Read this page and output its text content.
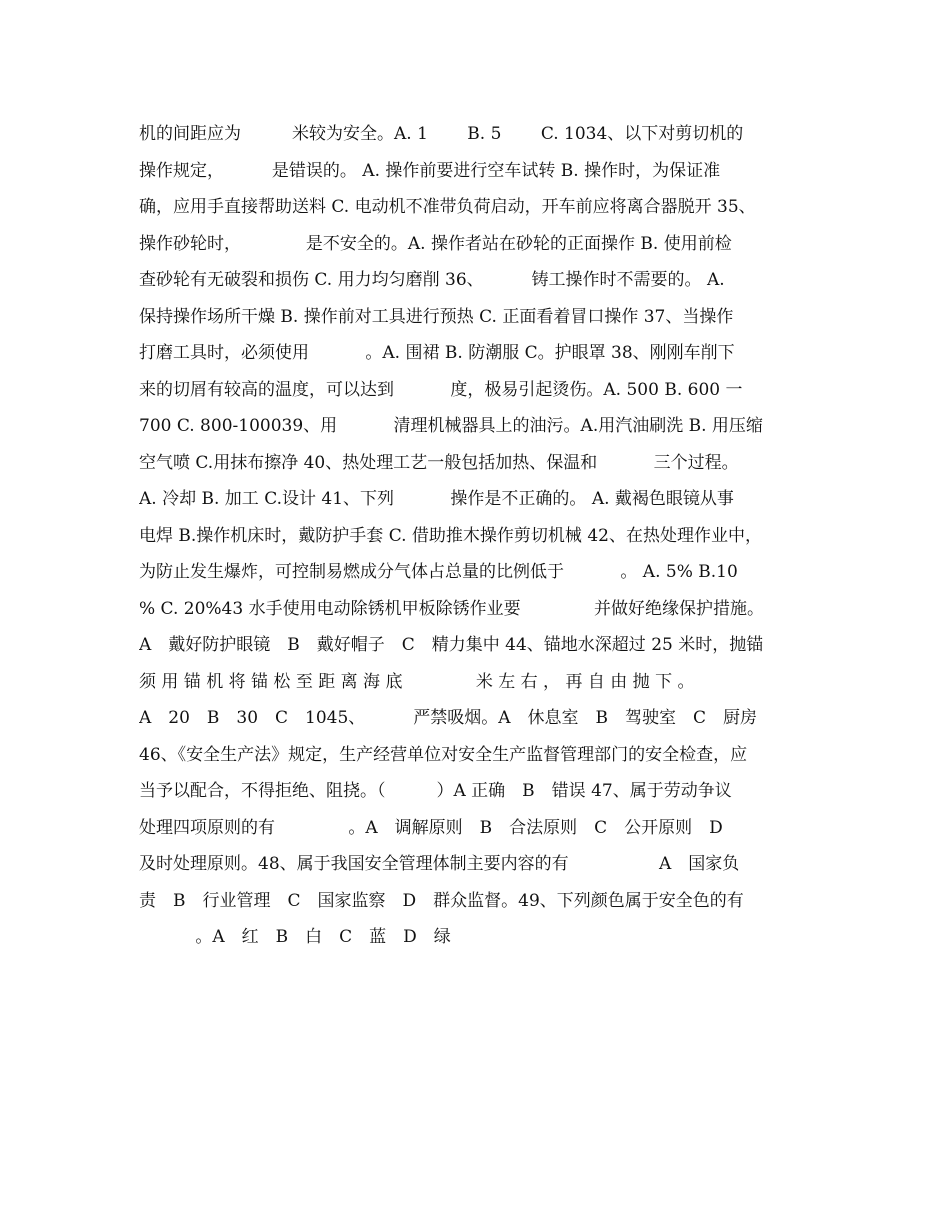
机的间距应为　　　米较为安全。A. 1　　 B. 5　　 C. 1034、以下对剪切机的
操作规定，　　　 是错误的。 A. 操作前要进行空车试转 B. 操作时，为保证准
确，应用手直接帮助送料 C. 电动机不准带负荷启动，开车前应将离合器脱开 35、
操作砂轮时，　　　　 是不安全的。A. 操作者站在砂轮的正面操作 B. 使用前检
查砂轮有无破裂和损伤 C. 用力均匀磨削 36、　　　 铸工操作时不需要的。 A.
保持操作场所干燥 B. 操作前对工具进行预热 C. 正面看着冒口操作 37、当操作
打磨工具时，必须使用　　　 。A. 围裙 B. 防潮服 C。护眼罩 38、刚刚车削下
来的切屑有较高的温度，可以达到　　　 度，极易引起烫伤。A. 500 B. 600 一
700 C. 800-100039、用　　　 清理机械器具上的油污。A.用汽油刷洗 B. 用压缩
空气喷 C.用抹布擦净 40、热处理工艺一般包括加热、保温和　　　 三个过程。
A. 冷却 B. 加工 C.设计 41、下列　　　 操作是不正确的。 A. 戴褐色眼镜从事
电焊 B.操作机床时，戴防护手套 C. 借助推木操作剪切机械 42、在热处理作业中，
为防止发生爆炸，可控制易燃成分气体占总量的比例低于　　　 。 A. 5% B.10
% C. 20%43 水手使用电动除锈机甲板除锈作业要　　　　 并做好绝缘保护措施。
A　戴好防护眼镜　B　戴好帽子　C　精力集中 44、锚地水深超过 25 米时，抛锚
须 用 锚 机 将 锚 松 至 距 离 海 底　　　　 米 左 右 ， 再 自 由 抛 下 。
A　20　B　30　C　1045、　　　 严禁吸烟。A　休息室　B　驾驶室　C　厨房
46、《安全生产法》规定，生产经营单位对安全生产监督管理部门的安全检查，应
当予以配合，不得拒绝、阻挠。（　　　）A 正确　B　错误 47、属于劳动争议
处理四项原则的有　　　　 。A　调解原则　B　合法原则　C　公开原则　D
及时处理原则。48、属于我国安全管理体制主要内容的有　　　　　 A　国家负
责　B　行业管理　C　国家监察　D　群众监督。49、下列颜色属于安全色的有
　　　 。A　红　B　白　C　蓝　D　绿
